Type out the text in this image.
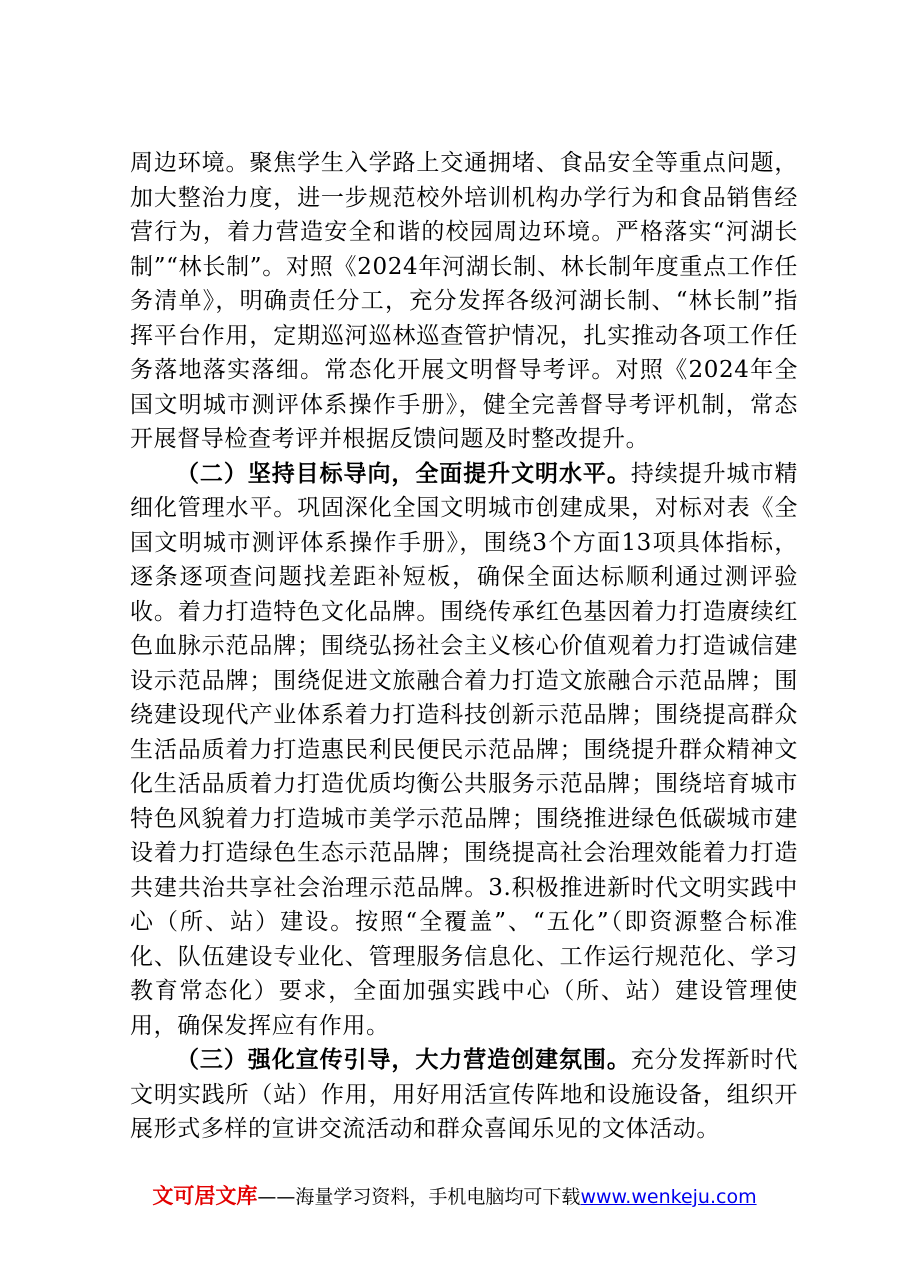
周边环境。聚焦学生入学路上交通拥堵、食品安全等重点问题，加大整治力度，进一步规范校外培训机构办学行为和食品销售经营行为，着力营造安全和谐的校园周边环境。严格落实“河湖长制”“林长制”。对照《2024年河湖长制、林长制年度重点工作任务清单》，明确责任分工，充分发挥各级河湖长制、“林长制”指挥平台作用，定期巡河巡林巡查管护情况，扎实推动各项工作任务落地落实落细。常态化开展文明督导考评。对照《2024年全国文明城市测评体系操作手册》，健全完善督导考评机制，常态开展督导检查考评并根据反馈问题及时整改提升。

（二）坚持目标导向，全面提升文明水平。持续提升城市精细化管理水平。巩固深化全国文明城市创建成果，对标对表《全国文明城市测评体系操作手册》，围绕3个方面13项具体指标，逐条逐项查问题找差距补短板，确保全面达标顺利通过测评验收。着力打造特色文化品牌。围绕传承红色基因着力打造赓续红色血脉示范品牌；围绕弘扬社会主义核心价值观着力打造诚信建设示范品牌；围绕促进文旅融合着力打造文旅融合示范品牌；围绕建设现代产业体系着力打造科技创新示范品牌；围绕提高群众生活品质着力打造惠民利民便民示范品牌；围绕提升群众精神文化生活品质着力打造优质均衡公共服务示范品牌；围绕培育城市特色风貌着力打造城市美学示范品牌；围绕推进绿色低碳城市建设着力打造绿色生态示范品牌；围绕提高社会治理效能着力打造共建共治共享社会治理示范品牌。3.积极推进新时代文明实践中心（所、站）建设。按照“全覆盖”、“五化”（即资源整合标准化、队伍建设专业化、管理服务信息化、工作运行规范化、学习教育常态化）要求，全面加强实践中心（所、站）建设管理使用，确保发挥应有作用。

（三）强化宣传引导，大力营造创建氛围。充分发挥新时代文明实践所（站）作用，用好用活宣传阵地和设施设备，组织开展形式多样的宣讲交流活动和群众喜闻乐见的文体活动。

文可居文库——海量学习资料，手机电脑均可下载www.wenkeju.com
